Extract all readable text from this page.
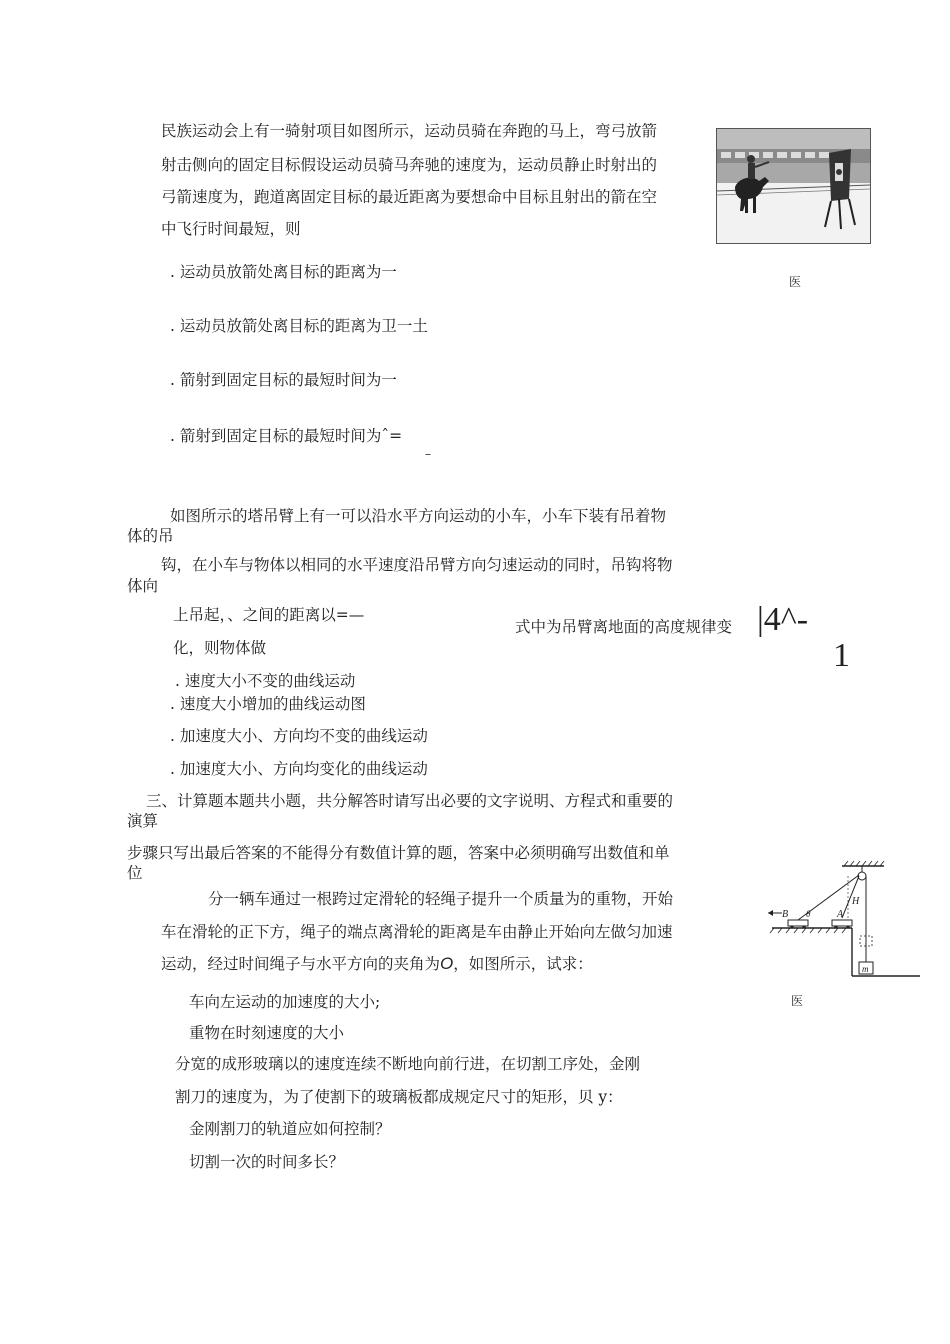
民族运动会上有一骑射项目如图所示，运动员骑在奔跑的马上，弯弓放箭
射击侧向的固定目标假设运动员骑马奔驰的速度为，运动员静止时射出的
弓箭速度为，跑道离固定目标的最近距离为要想命中目标且射出的箭在空
中飞行时间最短，则
医
. 运动员放箭处离目标的距离为一
. 运动员放箭处离目标的距离为卫一土
. 箭射到固定目标的最短时间为一
. 箭射到固定目标的最短时间为ˆ=
–
如图所示的塔吊臂上有一可以沿水平方向运动的小车，小车下装有吊着物
体的吊
钩，在小车与物体以相同的水平速度沿吊臂方向匀速运动的同时，吊钩将物
体向
上吊起，、之间的距离以=—
式中为吊臂离地面的高度规律变 |4^-
1
化，则物体做
. 速度大小不变的曲线运动
. 速度大小增加的曲线运动图
. 加速度大小、方向均不变的曲线运动
. 加速度大小、方向均变化的曲线运动
三、计算题本题共小题，共分解答时请写出必要的文字说明、方程式和重要的
演算
步骤只写出最后答案的不能得分有数值计算的题，答案中必须明确写出数值和单
位
分一辆车通过一根跨过定滑轮的轻绳子提升一个质量为的重物，开始
车在滑轮的正下方，绳子的端点离滑轮的距离是车由静止开始向左做匀加速
运动，经过时间绳子与水平方向的夹角为O，如图所示，试求：
车向左运动的加速度的大小;
重物在时刻速度的大小
H
B θ	A
m
医
分宽的成形玻璃以的速度连续不断地向前行进，在切割工序处，金刚
割刀的速度为，为了使割下的玻璃板都成规定尺寸的矩形，贝 y：
金刚割刀的轨道应如何控制？
切割一次的时间多长？
